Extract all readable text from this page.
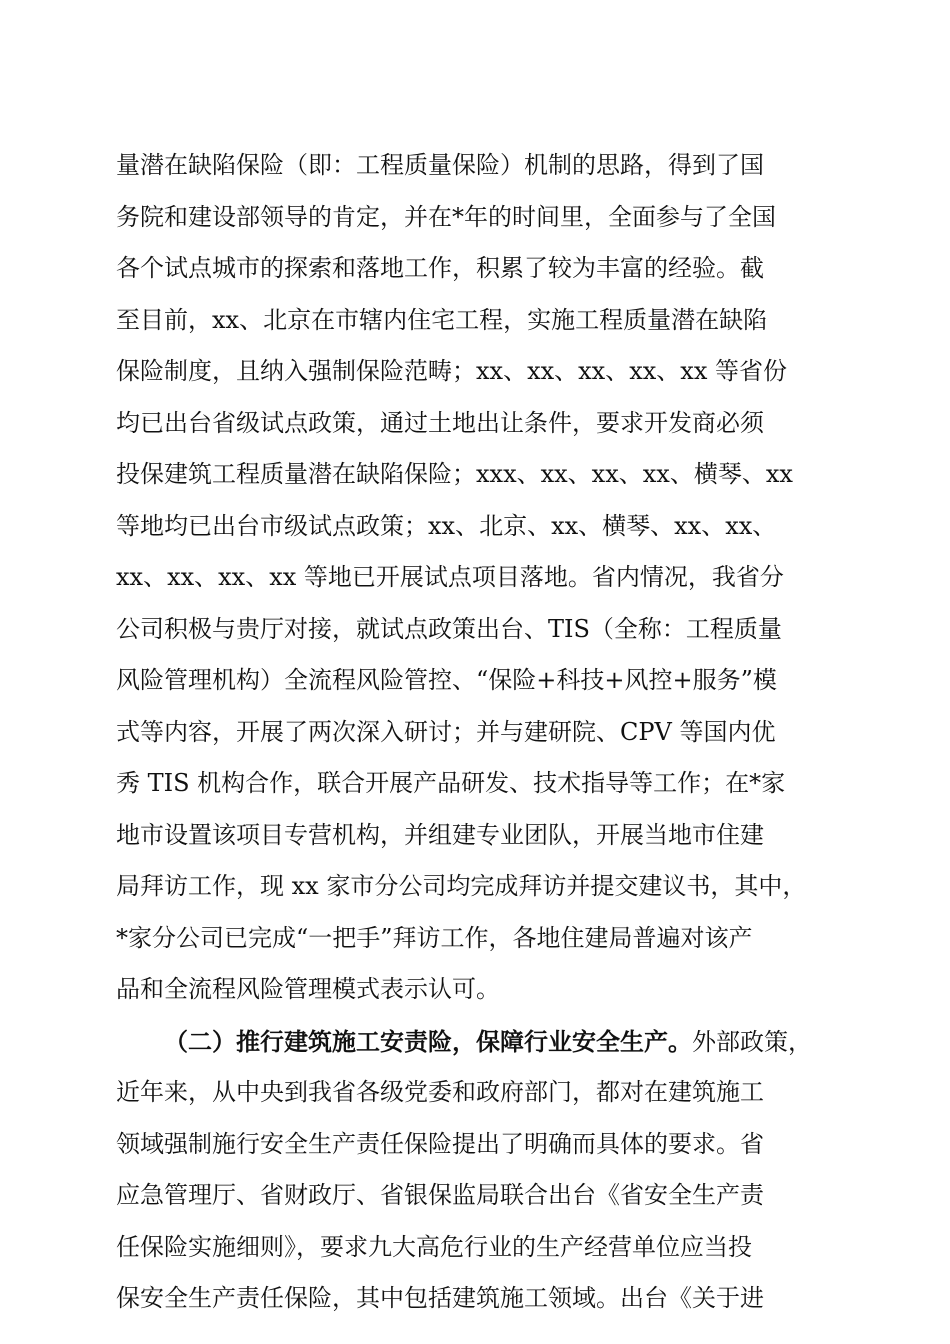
量潜在缺陷保险（即：工程质量保险）机制的思路，得到了国
务院和建设部领导的肯定，并在*年的时间里，全面参与了全国
各个试点城市的探索和落地工作，积累了较为丰富的经验。截
至目前，xx、北京在市辖内住宅工程，实施工程质量潜在缺陷
保险制度，且纳入强制保险范畴；xx、xx、xx、xx、xx 等省份
均已出台省级试点政策，通过土地出让条件，要求开发商必须
投保建筑工程质量潜在缺陷保险；xxx、xx、xx、xx、横琴、xx
等地均已出台市级试点政策；xx、北京、xx、横琴、xx、xx、
xx、xx、xx、xx 等地已开展试点项目落地。省内情况，我省分
公司积极与贵厅对接，就试点政策出台、TIS（全称：工程质量
风险管理机构）全流程风险管控、“保险+科技+风控+服务”模
式等内容，开展了两次深入研讨；并与建研院、CPV 等国内优
秀 TIS 机构合作，联合开展产品研发、技术指导等工作；在*家
地市设置该项目专营机构，并组建专业团队，开展当地市住建
局拜访工作，现 xx 家市分公司均完成拜访并提交建议书，其中，
*家分公司已完成“一把手”拜访工作，各地住建局普遍对该产
品和全流程风险管理模式表示认可。
（二）推行建筑施工安责险，保障行业安全生产。外部政策，
近年来，从中央到我省各级党委和政府部门，都对在建筑施工
领域强制施行安全生产责任保险提出了明确而具体的要求。省
应急管理厅、省财政厅、省银保监局联合出台《省安全生产责
任保险实施细则》，要求九大高危行业的生产经营单位应当投
保安全生产责任保险，其中包括建筑施工领域。出台《关于进
